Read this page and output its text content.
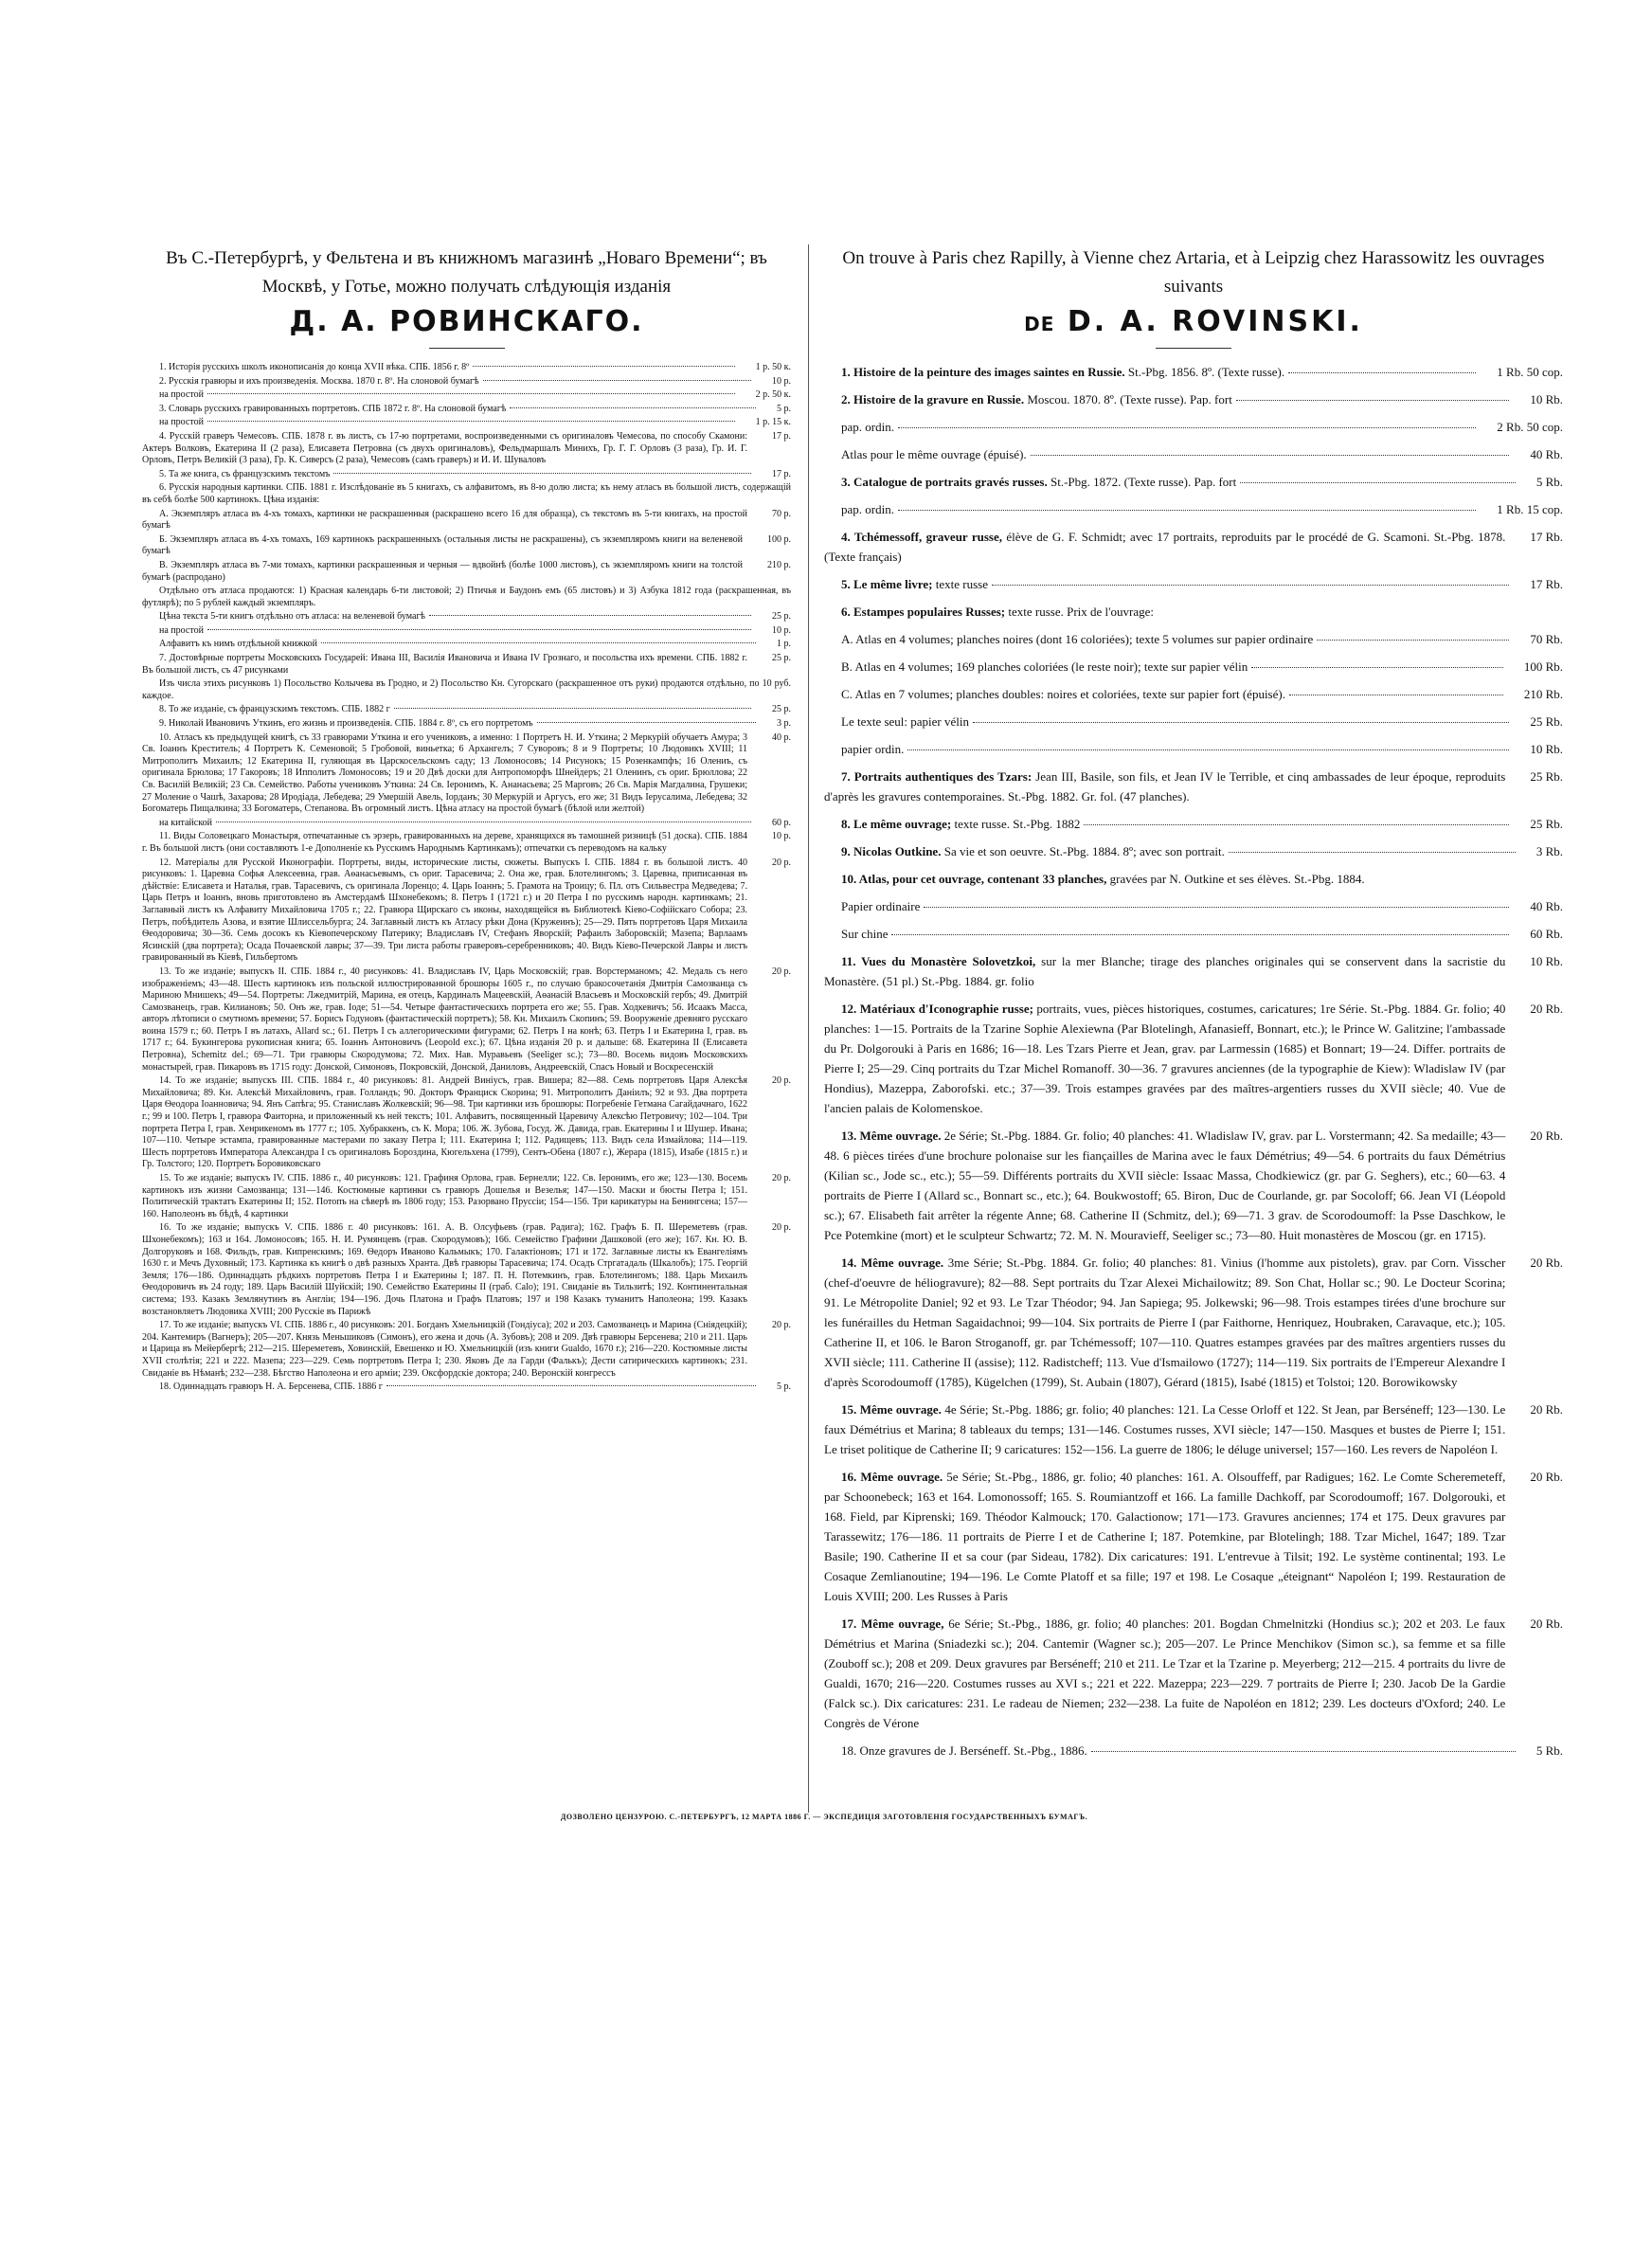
Въ С.-Петербургѣ, у Фельтена и въ книжномъ магазинѣ „Новаго Времени“; въ Москвѣ, у Готье, можно получать слѣдующія изданія
Д. А. РОВИНСКАГО.
1. Исторія русскихъ школъ иконописанія до конца XVII вѣка. СПБ. 1856 г. 8º	1 р. 50 к.
2. Русскія гравюры и ихъ произведенія. Москва. 1870 г. 8º. На слоновой бумагѣ	10 р.
на простой	2 р. 50 к.
3. Словарь русскихъ гравированныхъ портретовъ. СПБ 1872 г. 8º. На слоновой бумагѣ	5 р.
на простой	1 р. 15 к.
4. Русскій граверъ Чемесовъ. СПБ. 1878 г. въ листъ, съ 17-ю портретами, воспроизведенными съ оригиналовъ Чемесова, по способу Скамони: Актеръ Волковъ, Екатерина II (2 раза), Елисавета Петровна (съ двухъ оригиналовъ), Фельдмаршалъ Минихъ, Гр. Г. Г. Орловъ (3 раза), Гр. И. Г. Орловъ, Петръ Великій (3 раза), Гр. К. Сиверсъ (2 раза), Чемесовъ (самъ граверъ) и И. И. Шуваловъ
17 р.
5. Та же книга, съ французскимъ текстомъ	17 р.
6. Русскія народныя картинки. СПБ. 1881 г. Изслѣдованіе въ 5 книгахъ, съ алфавитомъ, въ 8-ю долю листа; къ нему атласъ въ большой листъ, содержащій въ себѣ болѣе 500 картинокъ. Цѣна изданія:
А. Экземпляръ атласа въ 4-хъ томахъ, картинки не раскрашенныя (раскрашено всего 16 для образца), съ текстомъ въ 5-ти книгахъ, на простой бумагѣ
70 р.
Б. Экземпляръ атласа въ 4-хъ томахъ, 169 картинокъ раскрашенныхъ (остальныя листы не раскрашены), съ экземпляромъ книги на веленевой бумагѣ
100 р.
В. Экземпляръ атласа въ 7-ми томахъ, картинки раскрашенныя и черныя — вдвойнѣ (болѣе 1000 листовъ), съ экземпляромъ книги на толстой бумагѣ (распродано)
210 р.
Отдѣльно отъ атласа продаются: 1) Красная календарь 6-ти листовой; 2) Птичья и Баудонъ емъ (65 листовъ) и 3) Азбука 1812 года (раскрашенная, въ футлярѣ); по 5 рублей каждый экземпляръ.
Цѣна текста 5-ти книгъ отдѣльно отъ атласа: на веленевой бумагѣ	25 р.
на простой	10 р.
Алфавитъ къ нимъ отдѣльной книжкой	1 р.
7. Достовѣрные портреты Московскихъ Государей: Ивана III, Василія Ивановича и Ивана IV Грознаго, и посольства ихъ времени. СПБ. 1882 г. Въ большой листъ, съ 47 рисунками
25 р.
Изъ числа этихъ рисунковъ 1) Посольство Колычева въ Гродно, и 2) Посольство Кн. Сугорскаго (раскрашенное отъ руки) продаются отдѣльно, по 10 руб. каждое.
8. То же изданіе, съ французскимъ текстомъ. СПБ. 1882 г	25 р.
9. Николай Ивановичъ Уткинъ, его жизнь и произведенія. СПБ. 1884 г. 8º, съ его портретомъ	3 р.
10. Атласъ къ предыдущей книгѣ, съ 33 гравюрами Уткина и его учениковъ, а именно: 1 Портретъ Н. И. Уткина; 2 Меркурій обучаетъ Амура; 3 Св. Іоаннъ Креститель; 4 Портретъ К. Семеновой; 5 Гробовой, виньетка; 6 Архангелъ; 7 Суворовъ; 8 и 9 Портреты; 10 Людовикъ XVIII; 11 Митрополитъ Михаилъ; 12 Екатерина II, гуляющая въ Царскосельскомъ саду; 13 Ломоносовъ; 14 Рисунокъ; 15 Розенкампфъ; 16 Олениъ, съ оригинала Брюлова; 17 Гакоровъ; 18 Ипполитъ Ломоносовъ; 19 и 20 Двѣ доски для Антропоморфъ Шнейдеръ; 21 Оленинъ, съ ориг. Брюллова; 22 Св. Василій Великій; 23 Св. Семейство. Работы учениковъ Уткина: 24 Св. Іеронимъ, К. Ананасьева; 25 Марговъ; 26 Св. Марія Магдалина, Грушеки; 27 Моление о Чашѣ, Захарова; 28 Иродіада, Лебедева; 29 Умершій Авель, Іорданъ; 30 Меркурій и Аргусъ, его же; 31 Видъ Іерусалима, Лебедева; 32 Богоматерь Пищалкина; 33 Богоматерь, Степанова. Въ огромный листъ. Цѣна атласу на простой бумагѣ (бѣлой или желтой)
40 р.
на китайской	60 р.
11. Виды Соловецкаго Монастыря, отпечатанные съ эрзерь, гравированныхъ на дереве, хранящихся въ тамошней ризницѣ (51 доска). СПБ. 1884 г. Въ большой листъ (они составляютъ 1-е Дополненіе къ Русскимъ Народнымъ Картинкамъ); отпечатки съ переводомъ на кальку
10 р.
12. Матеріалы для Русской Иконографіи. Портреты, виды, исторические листы, сюжеты. Выпускъ I. СПБ. 1884 г. въ большой листъ. 40 рисунковъ: 1. Царевна Софья Алексеевна, грав. Аѳанасьевымъ, съ ориг. Тарасевича; 2. Она же, грав. Блотелингомъ; 3. Царевна, приписанная въ дѣйствіе: Елисавета и Наталья, грав. Тарасевичъ, съ оригинала Лоренцо; 4. Царь Іоаннъ; 5. Грамота на Троицу; 6. Пл. отъ Сильвестра Медведева; 7. Царь Петръ и Іоаннъ, вновь приготовлено въ Амстердамѣ Шхонебекомъ; 8. Петръ I (1721 г.) и 20 Петра I по русскимъ народн. картинкамъ; 21. Заглавный листъ къ Алфавиту Михайловича 1705 г.; 22. Гравюра Щирскаго съ иконы, находящейся въ Библиотекѣ Кіево-Софійскаго Собора; 23. Петръ, побѣдитель Азова, и взятие Шлиссельбурга; 24. Заглавный листъ къ Атласу рѣки Дона (Кружеинъ); 25—29. Пять портретовъ Царя Михаила Ѳеодоровича; 30—36. Семь досокъ къ Кіевопечерскому Патерику; Владиславъ IV, Стефанъ Яворскій; Рафаилъ Заборовскій; Мазепа; Варлаамъ Ясинскій (два портрета); Осада Почаевской лавры; 37—39. Три листа работы граверовъ-серебренниковъ; 40. Видъ Кіево-Печерской Лавры и листъ гравированный въ Кіевѣ, Гильбертомъ
20 р.
13. То же изданіе; выпускъ II. СПБ. 1884 г., 40 рисунковъ: 41. Владиславъ IV, Царь Московскій; грав. Ворстерманомъ; 42. Медаль съ него изображеніемъ; 43—48. Шесть картинокъ изъ польской иллюстрированной брошюры 1605 г., по случаю бракосочетанія Дмитрія Самозванца съ Мариною Мнишекъ; 49—54. Портреты: Лжедмитрій, Марина, ея отецъ, Кардиналъ Мацеевскій, Аѳанасій Власьевъ и Московскій гербъ; 49. Дмитрій Самозванецъ, грав. Килиановъ; 50. Онъ же, грав. Іоде; 51—54. Четыре фантастическихъ портрета его же; 55. Грав. Ходкевичъ; 56. Исаакъ Масса, авторъ лѣтописи о смутномъ времени; 57. Борисъ Годуновъ (фантастическій портретъ); 58. Кн. Михаилъ Скопинъ; 59. Вооруженіе древняго русскаго воина 1579 г.; 60. Петръ I въ латахъ, Allard sc.; 61. Петръ I съ аллегорическими фигурами; 62. Петръ I на конѣ; 63. Петръ I и Екатерина I, грав. въ 1717 г.; 64. Букингерова рукописная книга; 65. Іоаннъ Антоновичъ (Leopold exc.); 67. Цѣна изданія 20 р. и дальше: 68. Екатерина II (Елисавета Петровна), Schemitz del.; 69—71. Три гравюры Скородумова; 72. Мих. Нав. Муравьевъ (Seeliger sc.); 73—80. Восемь видовъ Московскихъ монастырей, грав. Пикаровъ въ 1715 году: Донской, Симоновъ, Покровскій, Донской, Даниловъ, Андреевскій, Спасъ Новый и Воскресенскій
20 р.
14. То же изданіе; выпускъ III. СПБ. 1884 г., 40 рисунковъ: 81. Андрей Виніусъ, грав. Вишера; 82—88. Семь портретовъ Царя Алексѣя Михайловича; 89. Кн. Алексѣй Михайловичъ, грав. Голландъ; 90. Докторъ Франциск Скорина; 91. Митрополитъ Даніилъ; 92 и 93. Два портрета Царя Ѳеодора Іоанновича; 94. Янъ Сапѣга; 95. Станиславъ Жолкевскій; 96—98. Три картинки изъ брошюры: Погребеніе Гетмана Сагайдачнаго, 1622 г.; 99 и 100. Петръ I, гравюра Фаиторна, и приложенный къ ней текстъ; 101. Алфавитъ, посвященный Царевичу Алексѣю Петровичу; 102—104. Три портрета Петра I, грав. Хенрикеномъ въ 1777 г.; 105. Хубраккенъ, съ К. Мора; 106. Ж. Зубова, Госуд. Ж. Давида, грав. Екатерины I и Шушер. Ивана; 107—110. Четыре эстампа, гравированные мастерами по заказу Петра I; 111. Екатерина I; 112. Радищевъ; 113. Видъ села Измайлова; 114—119. Шесть портретовъ Императора Александра I съ оригиналовъ Бороздина, Кюгельхена (1799), Сентъ-Обена (1807 г.), Жерара (1815), Изабе (1815 г.) и Гр. Толстого; 120. Портретъ Боровиковскаго
20 р.
15. То же изданіе; выпускъ IV. СПБ. 1886 г., 40 рисунковъ: 121. Графиня Орлова, грав. Бернелли; 122. Св. Іеронимъ, его же; 123—130. Восемь картинокъ изъ жизни Самозванца; 131—146. Костюмные картинки съ гравюръ Дошелья и Везелья; 147—150. Маски и бюсты Петра I; 151. Политическій трактатъ Екатерины II; 152. Потопъ на сѣверѣ въ 1806 году; 153. Разорвано Пруссіи; 154—156. Три карикатуры на Бенингсена; 157—160. Наполеонъ въ бѣдѣ, 4 картинки
20 р.
16. То же изданіе; выпускъ V. СПБ. 1886 г. 40 рисунковъ: 161. А. В. Олсуфьевъ (грав. Радига); 162. Графъ Б. П. Шереметевъ (грав. Шхонебекомъ); 163 и 164. Ломоносовъ; 165. Н. И. Румянцевъ (грав. Скородумовъ); 166. Семейство Графини Дашковой (его же); 167. Кн. Ю. В. Долгоруковъ и 168. Фильдъ, грав. Кипренскимъ; 169. Ѳедоръ Иваново Кальмыкъ; 170. Галактіоновъ; 171 и 172. Заглавные листы къ Евангеліямъ 1630 г. и Мечъ Духовный; 173. Картинка къ книгѣ о двѣ разныхъ Хранта. Двѣ гравюры Тарасевича; 174. Осадъ Стргатадаль (Шкалобъ); 175. Георгій Земля; 176—186. Одиннадцать рѣдкихъ портретовъ Петра I и Екатерины I; 187. П. Н. Потемкинъ, грав. Блотелингомъ; 188. Царь Михаилъ Ѳеодоровичъ въ 24 году; 189. Царь Василій Шуйскій; 190. Семейство Екатерины II (граб. Саlo); 191. Свиданіе въ Тильзитѣ; 192. Континентальная система; 193. Казакъ Землянутинъ въ Англіи; 194—196. Дочь Платона и Графъ Платовъ; 197 и 198 Казакъ туманитъ Наполеона; 199. Казакъ возстановляетъ Людовика XVIII; 200 Русскіе въ Парижѣ
20 р.
17. То же изданіе; выпускъ VI. СПБ. 1886 г., 40 рисунковъ: 201. Богданъ Хмельницкій (Гондіуса); 202 и 203. Самозванецъ и Марина (Сніядецкій); 204. Кантемиръ (Вагнеръ); 205—207. Князь Меньшиковъ (Симонъ), его жена и дочь (А. Зубовъ); 208 и 209. Двѣ гравюры Берсенева; 210 и 211. Царь и Царица въ Мейербергѣ; 212—215. Шереметевъ, Ховинскій, Евешенко и Ю. Хмельницкій (изъ книги Gualdo, 1670 г.); 216—220. Костюмные листы XVII столѣтія; 221 и 222. Мазепа; 223—229. Семь портретовъ Петра I; 230. Яковъ Де ла Гарди (Фалькъ); Дести сатирическихъ картинокъ; 231. Свиданіе въ Нѣманѣ; 232—238. Бѣгство Наполеона и его арміи; 239. Оксфордскіе доктора; 240. Веронскій конгрессъ
20 р.
18. Одиннадцать гравюръ Н. А. Берсенева, СПБ. 1886 г	5 р.
On trouve à Paris chez Rapilly, à Vienne chez Artaria, et à Leipzig chez Harassowitz les ouvrages suivants
DE D. A. ROVINSKI.
1. Histoire de la peinture des images saintes en Russie. St.-Pbg. 1856. 8º. (Texte russe).	1 Rb. 50 cop.
2. Histoire de la gravure en Russie. Moscou. 1870. 8º. (Texte russe). Pap. fort	10 Rb.
pap. ordin.	2 Rb. 50 cop.
Atlas pour le même ouvrage (épuisé).	40 Rb.
3. Catalogue de portraits gravés russes. St.-Pbg. 1872. (Texte russe). Pap. fort	5 Rb.
pap. ordin.	1 Rb. 15 cop.
4. Tchémessoff, graveur russe, élève de G. F. Schmidt; avec 17 portraits, reproduits par le procédé de G. Scamoni. St.-Pbg. 1878. (Texte français)
17 Rb.
5. Le même livre; texte russe	17 Rb.
6. Estampes populaires Russes; texte russe. Prix de l'ouvrage:
A. Atlas en 4 volumes; planches noires (dont 16 coloriées); texte 5 volumes sur papier ordinaire	70 Rb.
B. Atlas en 4 volumes; 169 planches coloriées (le reste noir); texte sur papier vélin	100 Rb.
C. Atlas en 7 volumes; planches doubles: noires et coloriées, texte sur papier fort (épuisé).	210 Rb.
Le texte seul: papier vélin	25 Rb.
papier ordin.	10 Rb.
7. Portraits authentiques des Tzars: Jean III, Basile, son fils, et Jean IV le Terrible, et cinq ambassades de leur époque, reproduits d'après les gravures contemporaines. St.-Pbg. 1882. Gr. fol. (47 planches).
25 Rb.
8. Le même ouvrage; texte russe. St.-Pbg. 1882	25 Rb.
9. Nicolas Outkine. Sa vie et son oeuvre. St.-Pbg. 1884. 8º; avec son portrait.	3 Rb.
10. Atlas, pour cet ouvrage, contenant 33 planches, gravées par N. Outkine et ses élèves. St.-Pbg. 1884.
Papier ordinaire	40 Rb.
Sur chine	60 Rb.
11. Vues du Monastère Solovetzkoi, sur la mer Blanche; tirage des planches originales qui se conservent dans la sacristie du Monastère. (51 pl.) St.-Pbg. 1884. gr. folio
10 Rb.
12. Matériaux d'Iconographie russe; portraits, vues, pièces historiques, costumes, caricatures; 1re Série. St.-Pbg. 1884. Gr. folio; 40 planches: 1—15. Portraits de la Tzarine Sophie Alexiewna (Par Blotelingh, Afanasieff, Bonnart, etc.); le Prince W. Galitzine; l'ambassade du Pr. Dolgorouki à Paris en 1686; 16—18. Les Tzars Pierre et Jean, grav. par Larmessin (1685) et Bonnart; 19—24. Differ. portraits de Pierre I; 25—29. Cinq portraits du Tzar Michel Romanoff. 30—36. 7 gravures anciennes (de la typographie de Kiew): Wladislaw IV (par Hondius), Mazeppa, Zaborofski. etc.; 37—39. Trois estampes gravées par des maîtres-argentiers russes du XVII siècle; 40. Vue de l'ancien palais de Kolomenskoe.
20 Rb.
13. Même ouvrage. 2e Série; St.-Pbg. 1884. Gr. folio; 40 planches: 41. Wladislaw IV, grav. par L. Vorstermann; 42. Sa medaille; 43—48. 6 pièces tirées d'une brochure polonaise sur les fiançailles de Marina avec le faux Démétrius; 49—54. 6 portraits du faux Démétrius (Kilian sc., Jode sc., etc.); 55—59. Différents portraits du XVII siècle: Issaac Massa, Chodkiewicz (gr. par G. Seghers), etc.; 60—63. 4 portraits de Pierre I (Allard sc., Bonnart sc., etc.); 64. Boukwostoff; 65. Biron, Duc de Courlande, gr. par Socoloff; 66. Jean VI (Léopold sc.); 67. Elisabeth fait arrêter la régente Anne; 68. Catherine II (Schmitz, del.); 69—71. 3 grav. de Scorodoumoff: la Psse Daschkow, le Pce Potemkine (mort) et le sculpteur Schwartz; 72. M. N. Mouravieff, Seeliger sc.; 73—80. Huit monastères de Moscou (gr. en 1715).
20 Rb.
14. Même ouvrage. 3me Série; St.-Pbg. 1884. Gr. folio; 40 planches: 81. Vinius (l'homme aux pistolets), grav. par Corn. Visscher (chef-d'oeuvre de héliogravure); 82—88. Sept portraits du Tzar Alexei Michailowitz; 89. Son Chat, Hollar sc.; 90. Le Docteur Scorina; 91. Le Métropolite Daniel; 92 et 93. Le Tzar Théodor; 94. Jan Sapiega; 95. Jolkewski; 96—98. Trois estampes tirées d'une brochure sur les funérailles du Hetman Sagaidachnoi; 99—104. Six portraits de Pierre I (par Faithorne, Henriquez, Houbraken, Caravaque, etc.); 105. Catherine II, et 106. le Baron Stroganoff, gr. par Tchémessoff; 107—110. Quatres estampes gravées par des maîtres argentiers russes du XVII siècle; 111. Catherine II (assise); 112. Radistcheff; 113. Vue d'Ismailowo (1727); 114—119. Six portraits de l'Empereur Alexandre I d'après Scorodoumoff (1785), Kügelchen (1799), St. Aubain (1807), Gérard (1815), Isabé (1815) et Tolstoi; 120. Borowikowsky
20 Rb.
15. Même ouvrage. 4e Série; St.-Pbg. 1886; gr. folio; 40 planches: 121. La Cesse Orloff et 122. St Jean, par Berséneff; 123—130. Le faux Démétrius et Marina; 8 tableaux du temps; 131—146. Costumes russes, XVI siècle; 147—150. Masques et bustes de Pierre I; 151. Le triset politique de Catherine II; 9 caricatures: 152—156. La guerre de 1806; le déluge universel; 157—160. Les revers de Napoléon I.
20 Rb.
16. Même ouvrage. 5e Série; St.-Pbg., 1886, gr. folio; 40 planches: 161. A. Olsouffeff, par Radigues; 162. Le Comte Scheremeteff, par Schoonebeck; 163 et 164. Lomonossoff; 165. S. Roumiantzoff et 166. La famille Dachkoff, par Scorodoumoff; 167. Dolgorouki, et 168. Field, par Kiprenski; 169. Théodor Kalmouck; 170. Galactionow; 171—173. Gravures anciennes; 174 et 175. Deux gravures par Tarassewitz; 176—186. 11 portraits de Pierre I et de Catherine I; 187. Potemkine, par Blotelingh; 188. Tzar Michel, 1647; 189. Tzar Basile; 190. Catherine II et sa cour (par Sideau, 1782). Dix caricatures: 191. L'entrevue à Tilsit; 192. Le système continental; 193. Le Cosaque Zemlianoutine; 194—196. Le Comte Platoff et sa fille; 197 et 198. Le Cosaque „éteignant“ Napoléon I; 199. Restauration de Louis XVIII; 200. Les Russes à Paris
20 Rb.
17. Même ouvrage, 6e Série; St.-Pbg., 1886, gr. folio; 40 planches: 201. Bogdan Chmelnitzki (Hondius sc.); 202 et 203. Le faux Démétrius et Marina (Sniadezki sc.); 204. Cantemir (Wagner sc.); 205—207. Le Prince Menchikov (Simon sc.), sa femme et sa fille (Zouboff sc.); 208 et 209. Deux gravures par Berséneff; 210 et 211. Le Tzar et la Tzarine p. Meyerberg; 212—215. 4 portraits du livre de Gualdi, 1670; 216—220. Costumes russes au XVI s.; 221 et 222. Mazeppa; 223—229. 7 portraits de Pierre I; 230. Jacob De la Gardie (Falck sc.). Dix caricatures: 231. Le radeau de Niemen; 232—238. La fuite de Napoléon en 1812; 239. Les docteurs d'Oxford; 240. Le Congrès de Vérone
20 Rb.
18. Onze gravures de J. Berséneff. St.-Pbg., 1886.	5 Rb.
ДОЗВОЛЕНО ЦЕНЗУРОЮ. С.-ПЕТЕРБУРГЪ, 12 МАРТА 1886 Г. — ЭКСПЕДИЦІЯ ЗАГОТОВЛЕНІЯ ГОСУДАРСТВЕННЫХЪ БУМАГЪ.
